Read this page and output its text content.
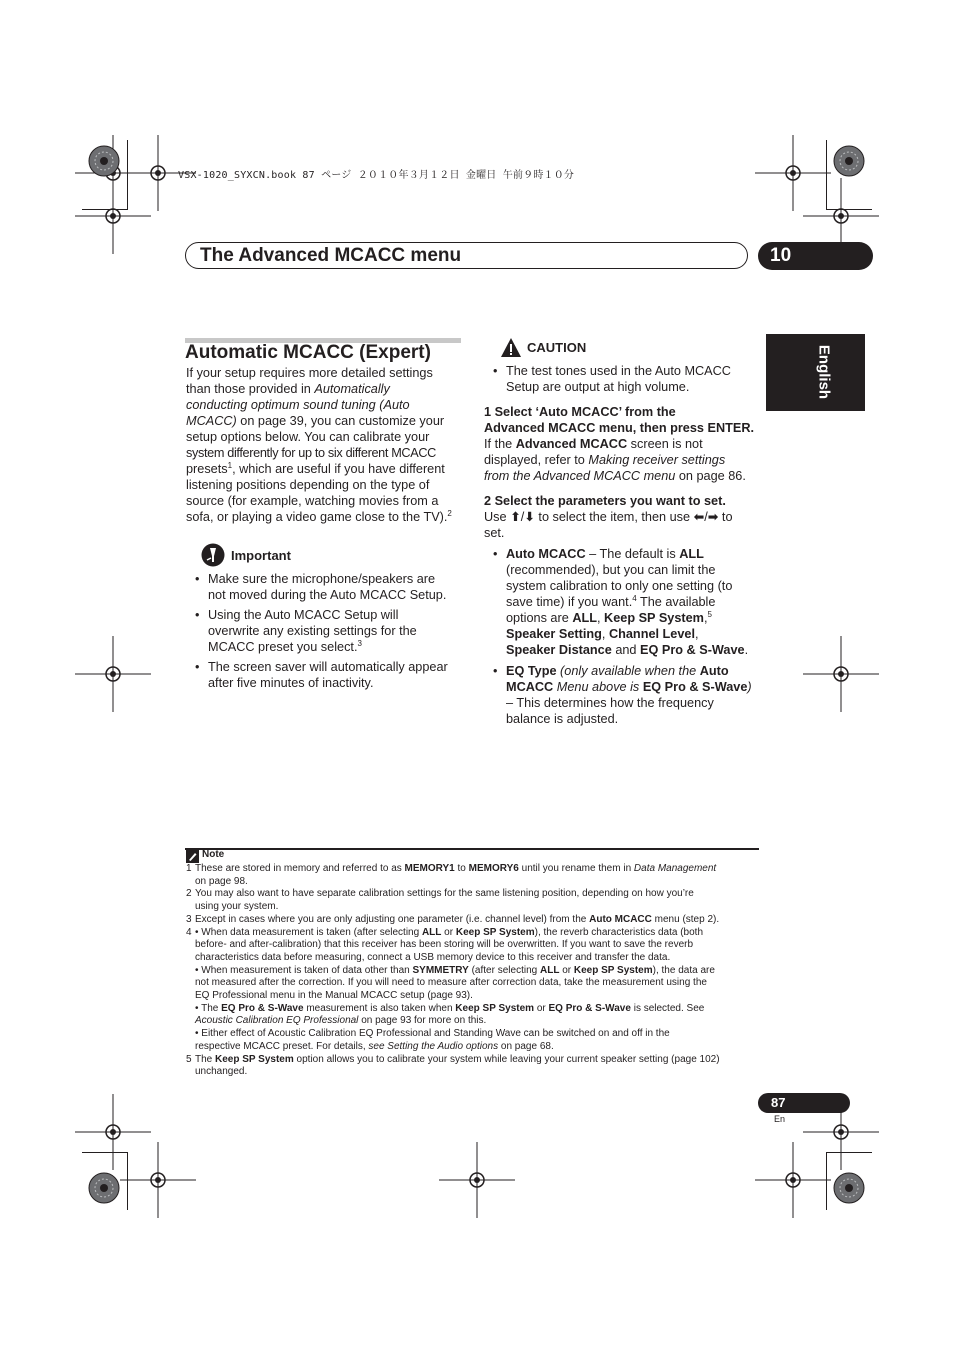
VSX-1020_SYXCN.book 87 ページ ２０１０年３月１２日 金曜日 午前９時１０分
The Advanced MCACC menu	10
English
Automatic MCACC (Expert)
If your setup requires more detailed settings
than those provided in Automatically
conducting optimum sound tuning (Auto
MCACC) on page 39, you can customize your
setup options below. You can calibrate your
system differently for up to six different MCACC
presets$^1$, which are useful if you have different
listening positions depending on the type of
source (for example, watching movies from a
sofa, or playing a video game close to the TV).$^2$
Important
• Make sure the microphone/speakers are
not moved during the Auto MCACC Setup.
• Using the Auto MCACC Setup will
overwrite any existing settings for the
MCACC preset you select.$^3$
• The screen saver will automatically appear
after five minutes of inactivity.
CAUTION
• The test tones used in the Auto MCACC
Setup are output at high volume.
1 Select ‘Auto MCACC’ from the
Advanced MCACC menu, then press ENTER.
If the Advanced MCACC screen is not
displayed, refer to Making receiver settings
from the Advanced MCACC menu on page 86.
2 Select the parameters you want to set.
Use ⬆/⬇ to select the item, then use ⬅/➡ to
set.
• Auto MCACC – The default is ALL
(recommended), but you can limit the
system calibration to only one setting (to
save time) if you want.$^4$ The available
options are ALL, Keep SP System,$^5$
Speaker Setting, Channel Level,
Speaker Distance and EQ Pro & S-Wave.
• EQ Type (only available when the Auto
MCACC Menu above is EQ Pro & S-Wave)
– This determines how the frequency
balance is adjusted.
Note
1 These are stored in memory and referred to as MEMORY1 to MEMORY6 until you rename them in Data Management
on page 98.
2 You may also want to have separate calibration settings for the same listening position, depending on how you’re
using your system.
3 Except in cases where you are only adjusting one parameter (i.e. channel level) from the Auto MCACC menu (step 2).
4 • When data measurement is taken (after selecting ALL or Keep SP System), the reverb characteristics data (both
before- and after-calibration) that this receiver has been storing will be overwritten. If you want to save the reverb
characteristics data before measuring, connect a USB memory device to this receiver and transfer the data.
• When measurement is taken of data other than SYMMETRY (after selecting ALL or Keep SP System), the data are
not measured after the correction. If you will need to measure after correction data, take the measurement using the
EQ Professional menu in the Manual MCACC setup (page 93).
• The EQ Pro & S-Wave measurement is also taken when Keep SP System or EQ Pro & S-Wave is selected. See
Acoustic Calibration EQ Professional on page 93 for more on this.
• Either effect of Acoustic Calibration EQ Professional and Standing Wave can be switched on and off in the
respective MCACC preset. For details, see Setting the Audio options on page 68.
5 The Keep SP System option allows you to calibrate your system while leaving your current speaker setting (page 102)
unchanged.
87
En
